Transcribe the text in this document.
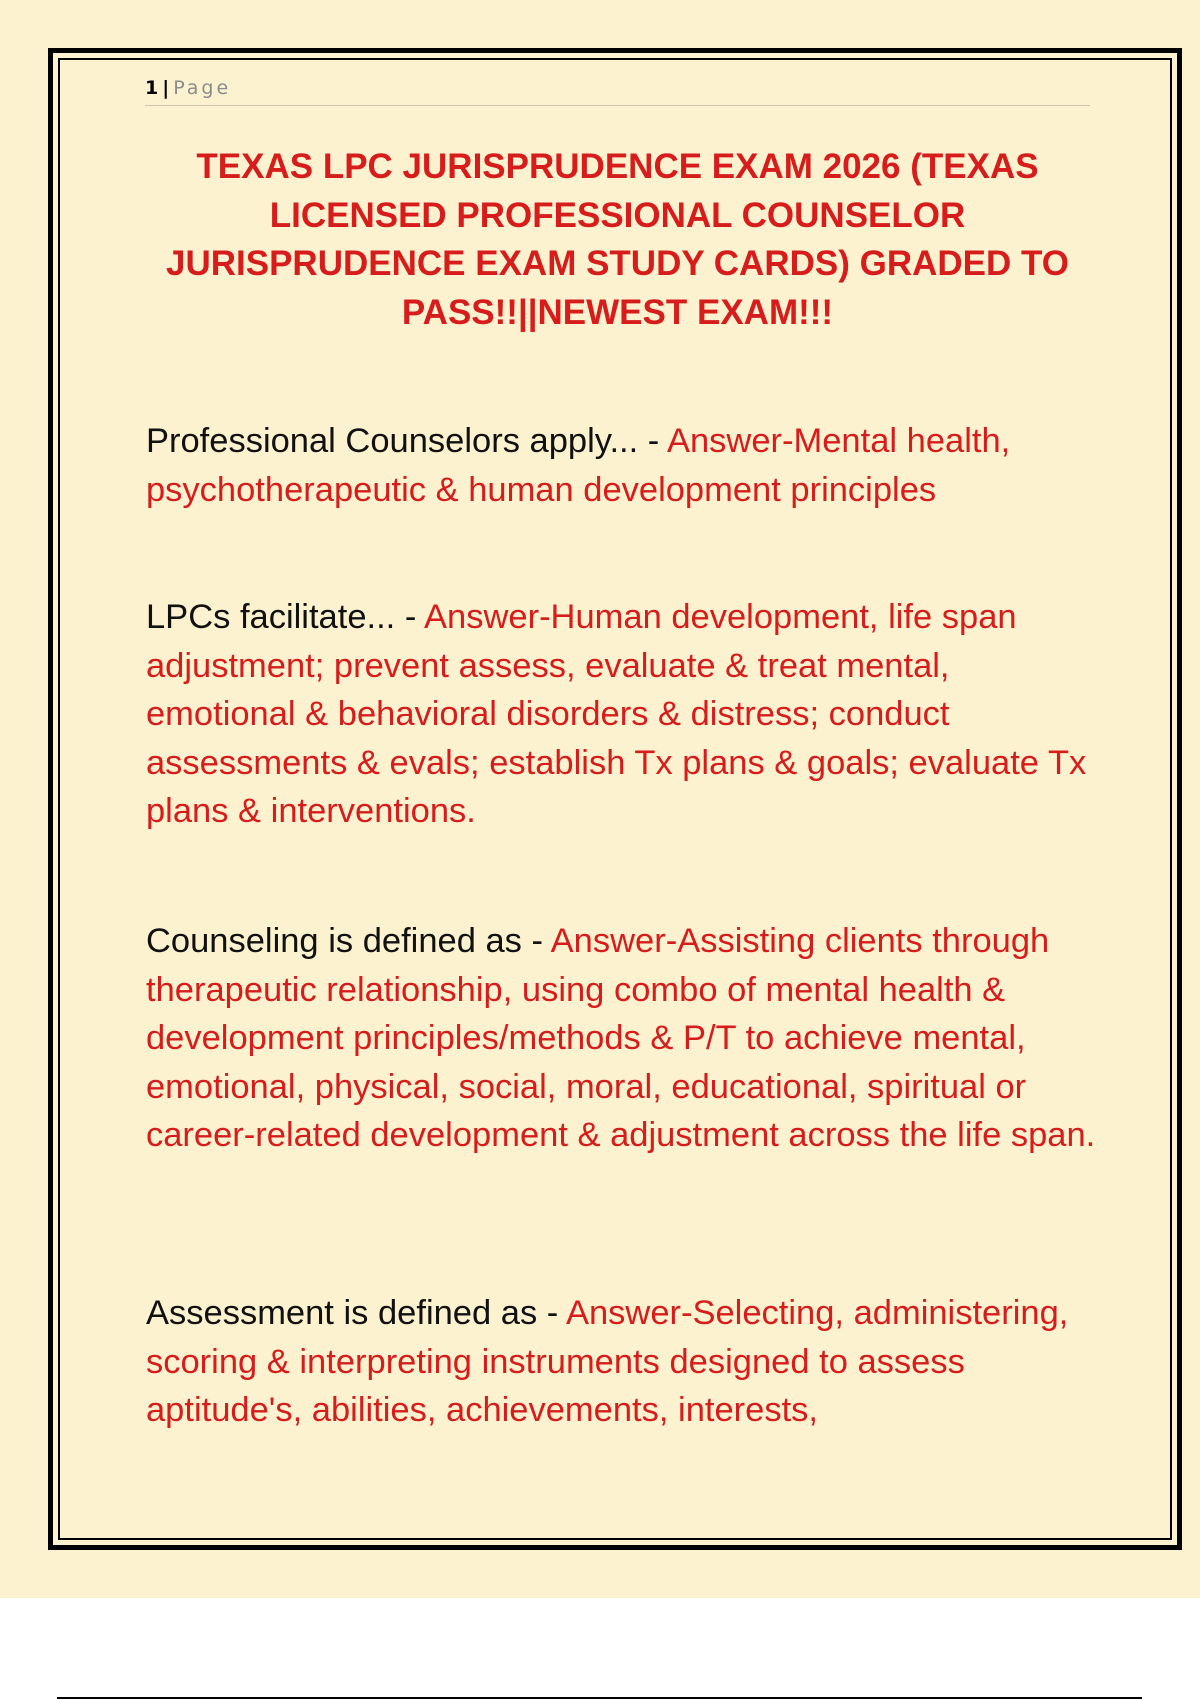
1 | Page
TEXAS LPC JURISPRUDENCE EXAM 2026 (TEXAS LICENSED PROFESSIONAL COUNSELOR JURISPRUDENCE EXAM STUDY CARDS) GRADED TO PASS!!||NEWEST EXAM!!!

Professional Counselors apply... - Answer-Mental health, psychotherapeutic & human development principles

LPCs facilitate... - Answer-Human development, life span adjustment; prevent assess, evaluate & treat mental, emotional & behavioral disorders & distress; conduct assessments & evals; establish Tx plans & goals; evaluate Tx plans & interventions.

Counseling is defined as - Answer-Assisting clients through therapeutic relationship, using combo of mental health & development principles/methods & P/T to achieve mental, emotional, physical, social, moral, educational, spiritual or career-related development & adjustment across the life span.

Assessment is defined as - Answer-Selecting, administering, scoring & interpreting instruments designed to assess aptitude's, abilities, achievements, interests,
